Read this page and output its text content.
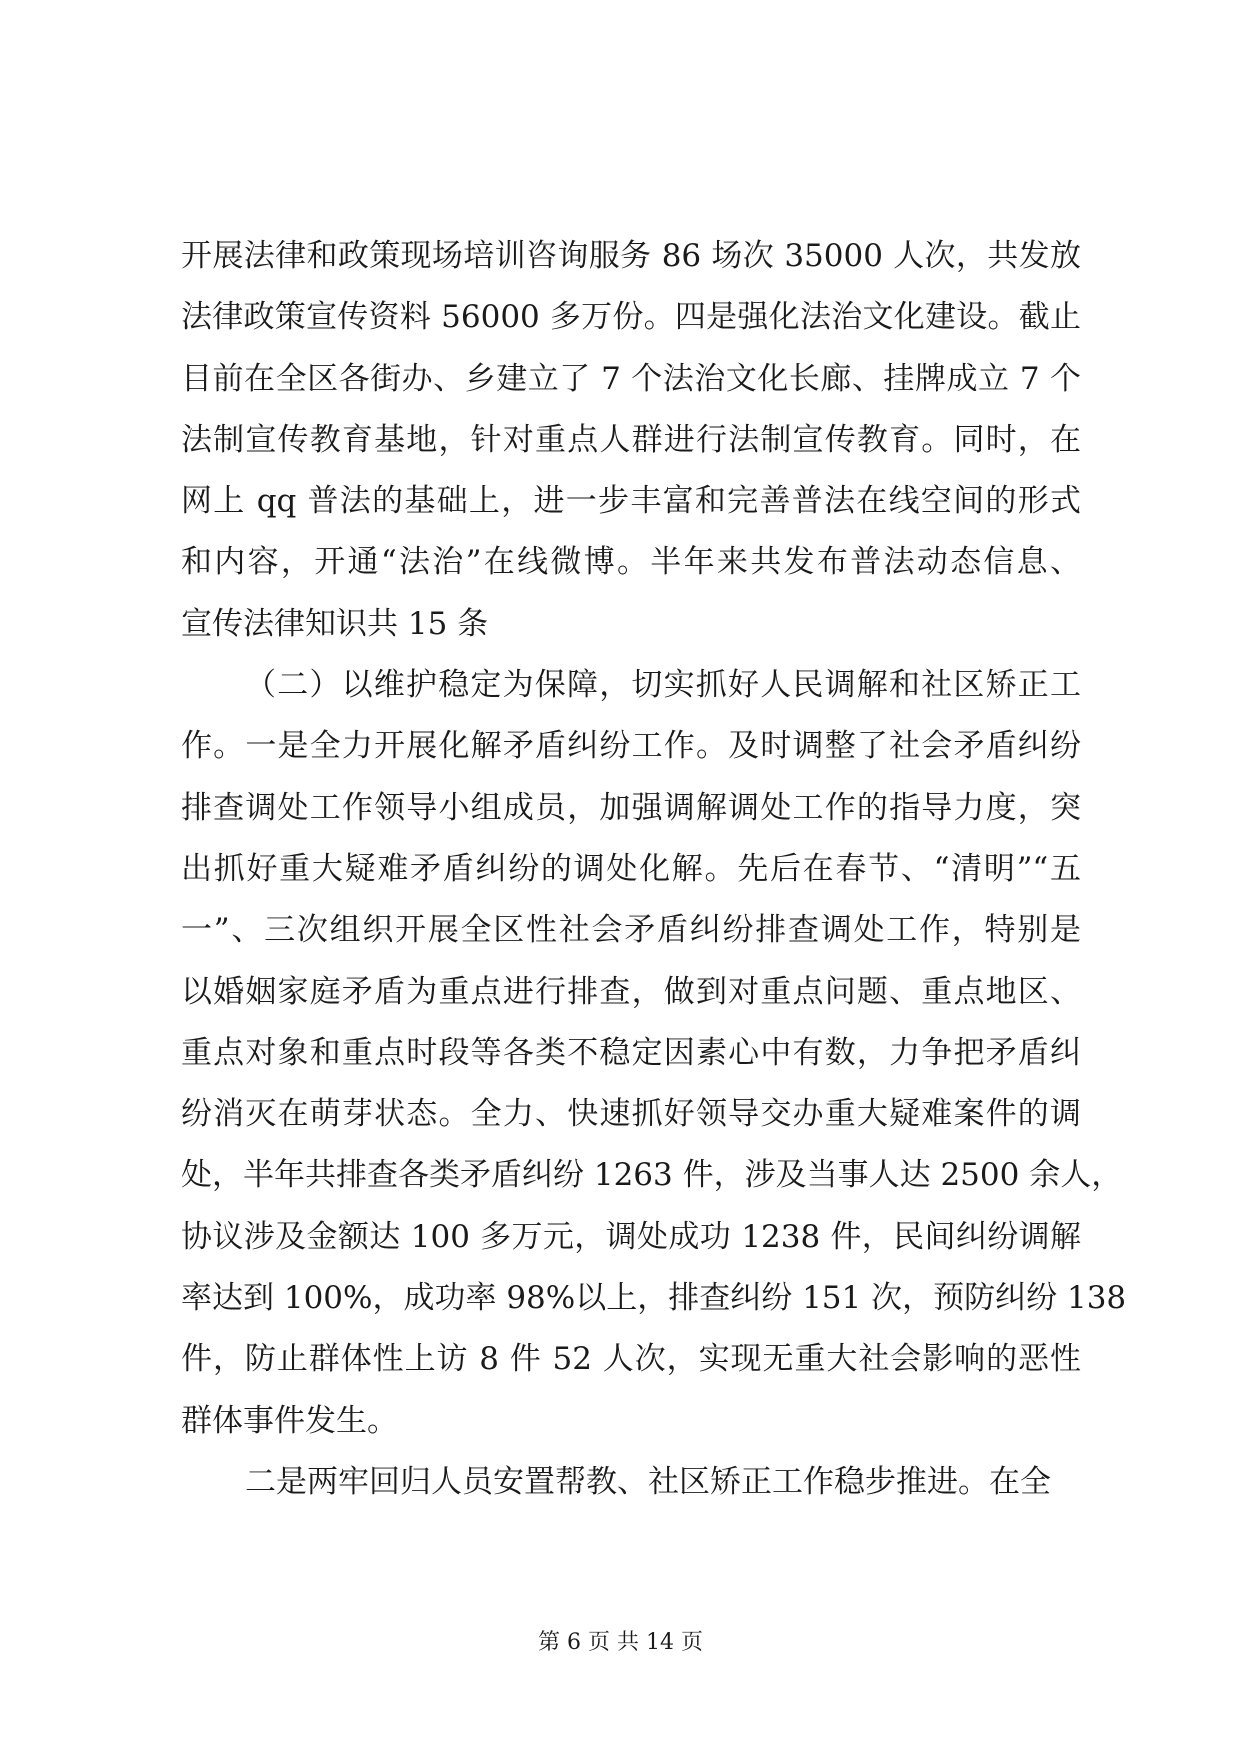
开展法律和政策现场培训咨询服务 86 场次 35000 人次，共发放
法律政策宣传资料 56000 多万份。四是强化法治文化建设。截止
目前在全区各街办、乡建立了 7 个法治文化长廊、挂牌成立 7 个
法制宣传教育基地，针对重点人群进行法制宣传教育。同时，在
网上 qq 普法的基础上，进一步丰富和完善普法在线空间的形式
和内容，开通“法治”在线微博。半年来共发布普法动态信息、
宣传法律知识共 15 条
（二）以维护稳定为保障，切实抓好人民调解和社区矫正工
作。一是全力开展化解矛盾纠纷工作。及时调整了社会矛盾纠纷
排查调处工作领导小组成员，加强调解调处工作的指导力度，突
出抓好重大疑难矛盾纠纷的调处化解。先后在春节、“清明”“五
一”、三次组织开展全区性社会矛盾纠纷排查调处工作，特别是
以婚姻家庭矛盾为重点进行排查，做到对重点问题、重点地区、
重点对象和重点时段等各类不稳定因素心中有数，力争把矛盾纠
纷消灭在萌芽状态。全力、快速抓好领导交办重大疑难案件的调
处，半年共排查各类矛盾纠纷 1263 件，涉及当事人达 2500 余人，
协议涉及金额达 100 多万元，调处成功 1238 件，民间纠纷调解
率达到 100%，成功率 98%以上，排查纠纷 151 次，预防纠纷 138
件，防止群体性上访 8 件 52 人次，实现无重大社会影响的恶性
群体事件发生。
二是两牢回归人员安置帮教、社区矫正工作稳步推进。在全
第 6 页 共 14 页
